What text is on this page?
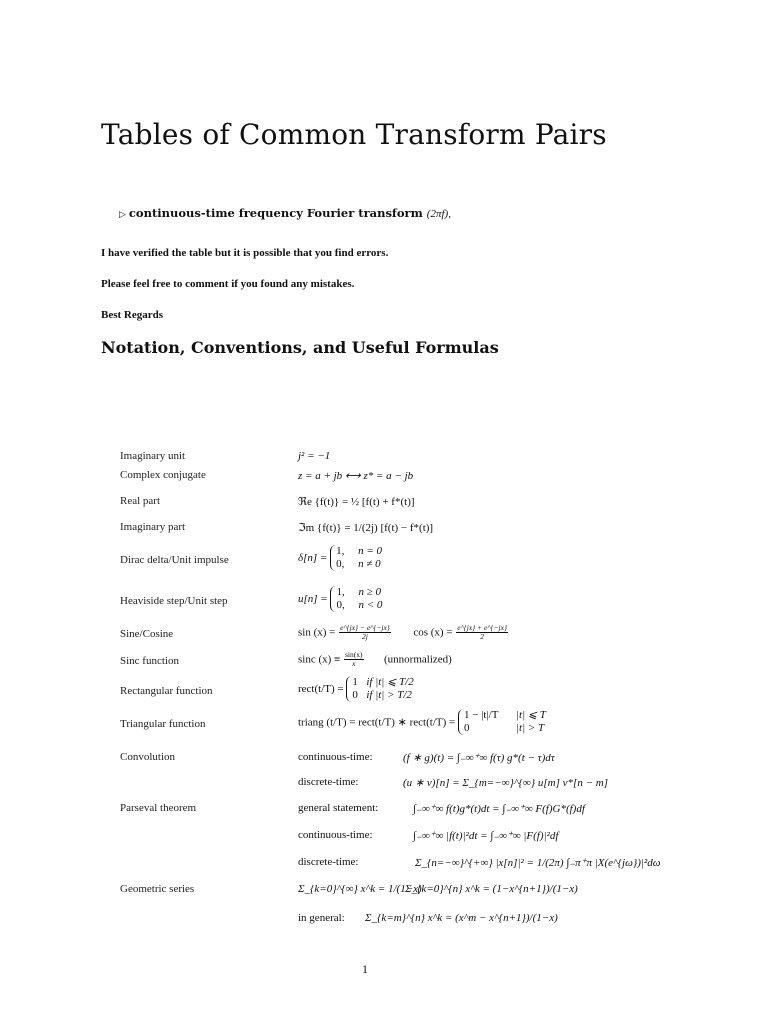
Tables of Common Transform Pairs
▷ continuous-time frequency Fourier transform (2πf),
I have verified the table but it is possible that you find errors.
Please feel free to comment if you found any mistakes.
Best Regards
Notation, Conventions, and Useful Formulas
Imaginary unit	j² = −1
Complex conjugate	z = a + jb ⟷ z* = a − jb
Real part	ℜe {f(t)} = ½ [f(t) + f*(t)]
Imaginary part	ℑm {f(t)} = 1/(2j) [f(t) − f*(t)]
Dirac delta/Unit impulse	δ[n] =
1, n = 0
0, n ≠ 0
Heaviside step/Unit step	u[n] =
1, n ≥ 0
0, n < 0
Sine/Cosine	$\sin (x) = \frac{e\^{}\{jx\} - e\^{}\{-jx\}}{2j}$ $\cos (x) = \frac{e\^{}\{jx\} + e\^{}\{-jx\}}{2}$
Sinc function	sinc $(x) \equiv \frac{\sin(x)}{x}$ (unnormalized)
Rectangular function	rect(t/T) =
1 if |t| ⩽ T/2
0 if |t| > T/2
Triangular function	triang (t/T) = rect(t/T) ∗ rect(t/T) =
1 − |t|/T |t| ⩽ T
0	|t| > T
Convolution	continuous-time:	(f ∗ g)(t) = ∫₋∞⁺∞ f(τ) g*(t − τ)dτ
discrete-time:	(u ∗ v)[n] = Σ_{m=−∞}^{∞} u[m] v*[n − m]
Parseval theorem	general statement:	∫₋∞⁺∞ f(t)g*(t)dt = ∫₋∞⁺∞ F(f)G*(f)df
continuous-time:	∫₋∞⁺∞ |f(t)|²dt = ∫₋∞⁺∞ |F(f)|²df
discrete-time:	Σ_{n=−∞}^{+∞} |x[n]|² = 1/(2π) ∫₋π⁺π |X(e^{jω})|²dω
Geometric series	Σ_{k=0}^{∞} x^k = 1/(1−x)
Σ_{k=0}^{n} x^k = (1−x^{n+1})/(1−x)
in general: Σ_{k=m}^{n} x^k = (x^m − x^{n+1})/(1−x)
1
